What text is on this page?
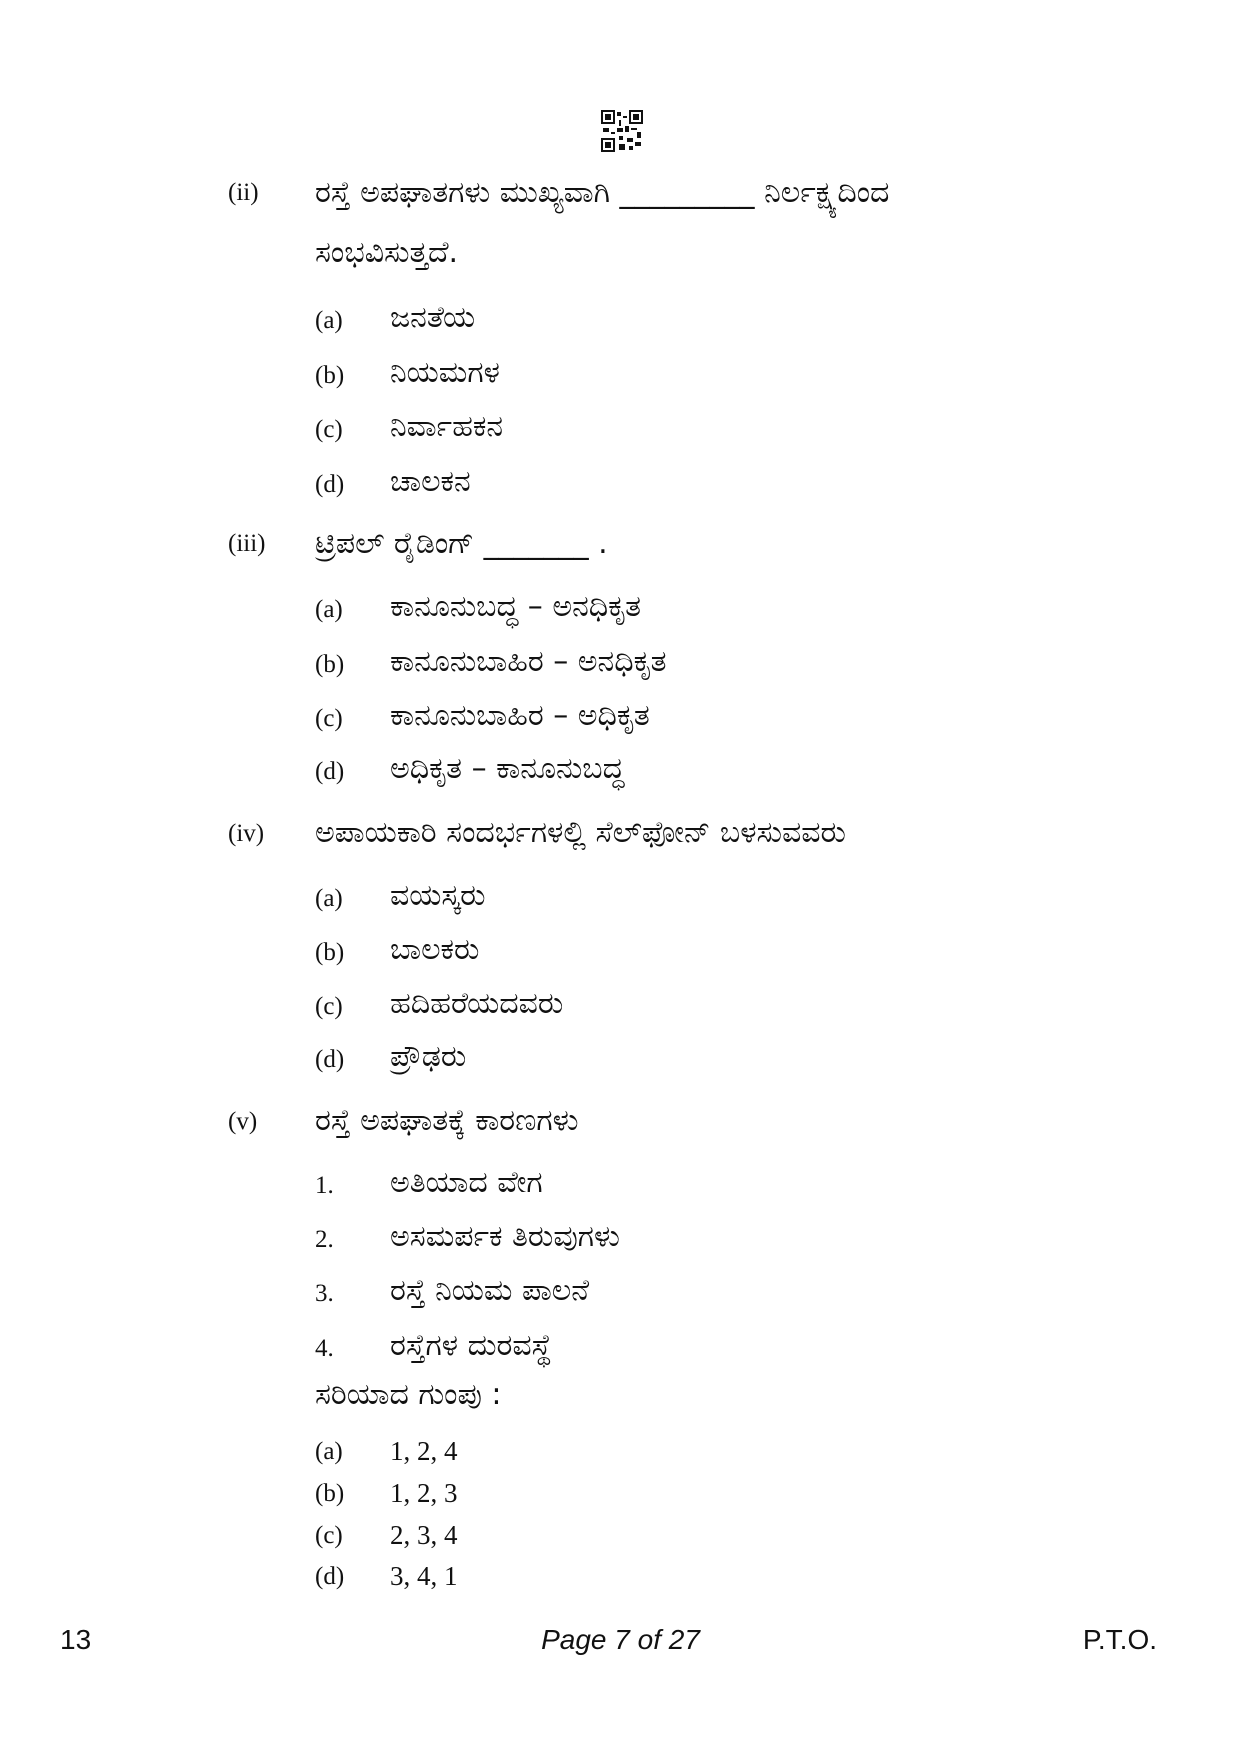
(ii) ರಸ್ತೆ ಅಪಘಾತಗಳು ಮುಖ್ಯವಾಗಿ _________ ನಿರ್ಲಕ್ಷ್ಯದಿಂದ
ಸಂಭವಿಸುತ್ತದೆ.
(a) ಜನತೆಯ
(b) ನಿಯಮಗಳ
(c) ನಿರ್ವಾಹಕನ
(d) ಚಾಲಕನ
(iii) ಟ್ರಿಪಲ್ ರೈಡಿಂಗ್ _______ .
(a) ಕಾನೂನುಬದ್ಧ – ಅನಧಿಕೃತ
(b) ಕಾನೂನುಬಾಹಿರ – ಅನಧಿಕೃತ
(c) ಕಾನೂನುಬಾಹಿರ – ಅಧಿಕೃತ
(d) ಅಧಿಕೃತ – ಕಾನೂನುಬದ್ಧ
(iv) ಅಪಾಯಕಾರಿ ಸಂದರ್ಭಗಳಲ್ಲಿ ಸೆಲ್‌ಫೋನ್ ಬಳಸುವವರು
(a) ವಯಸ್ಕರು
(b) ಬಾಲಕರು
(c) ಹದಿಹರೆಯದವರು
(d) ಪ್ರೌಢರು
(v) ರಸ್ತೆ ಅಪಘಾತಕ್ಕೆ ಕಾರಣಗಳು
1. ಅತಿಯಾದ ವೇಗ
2. ಅಸಮರ್ಪಕ ತಿರುವುಗಳು
3. ರಸ್ತೆ ನಿಯಮ ಪಾಲನೆ
4. ರಸ್ತೆಗಳ ದುರವಸ್ಥೆ
ಸರಿಯಾದ ಗುಂಪು :
(a) 1, 2, 4
(b) 1, 2, 3
(c) 2, 3, 4
(d) 3, 4, 1
13	Page 7 of 27	P.T.O.
